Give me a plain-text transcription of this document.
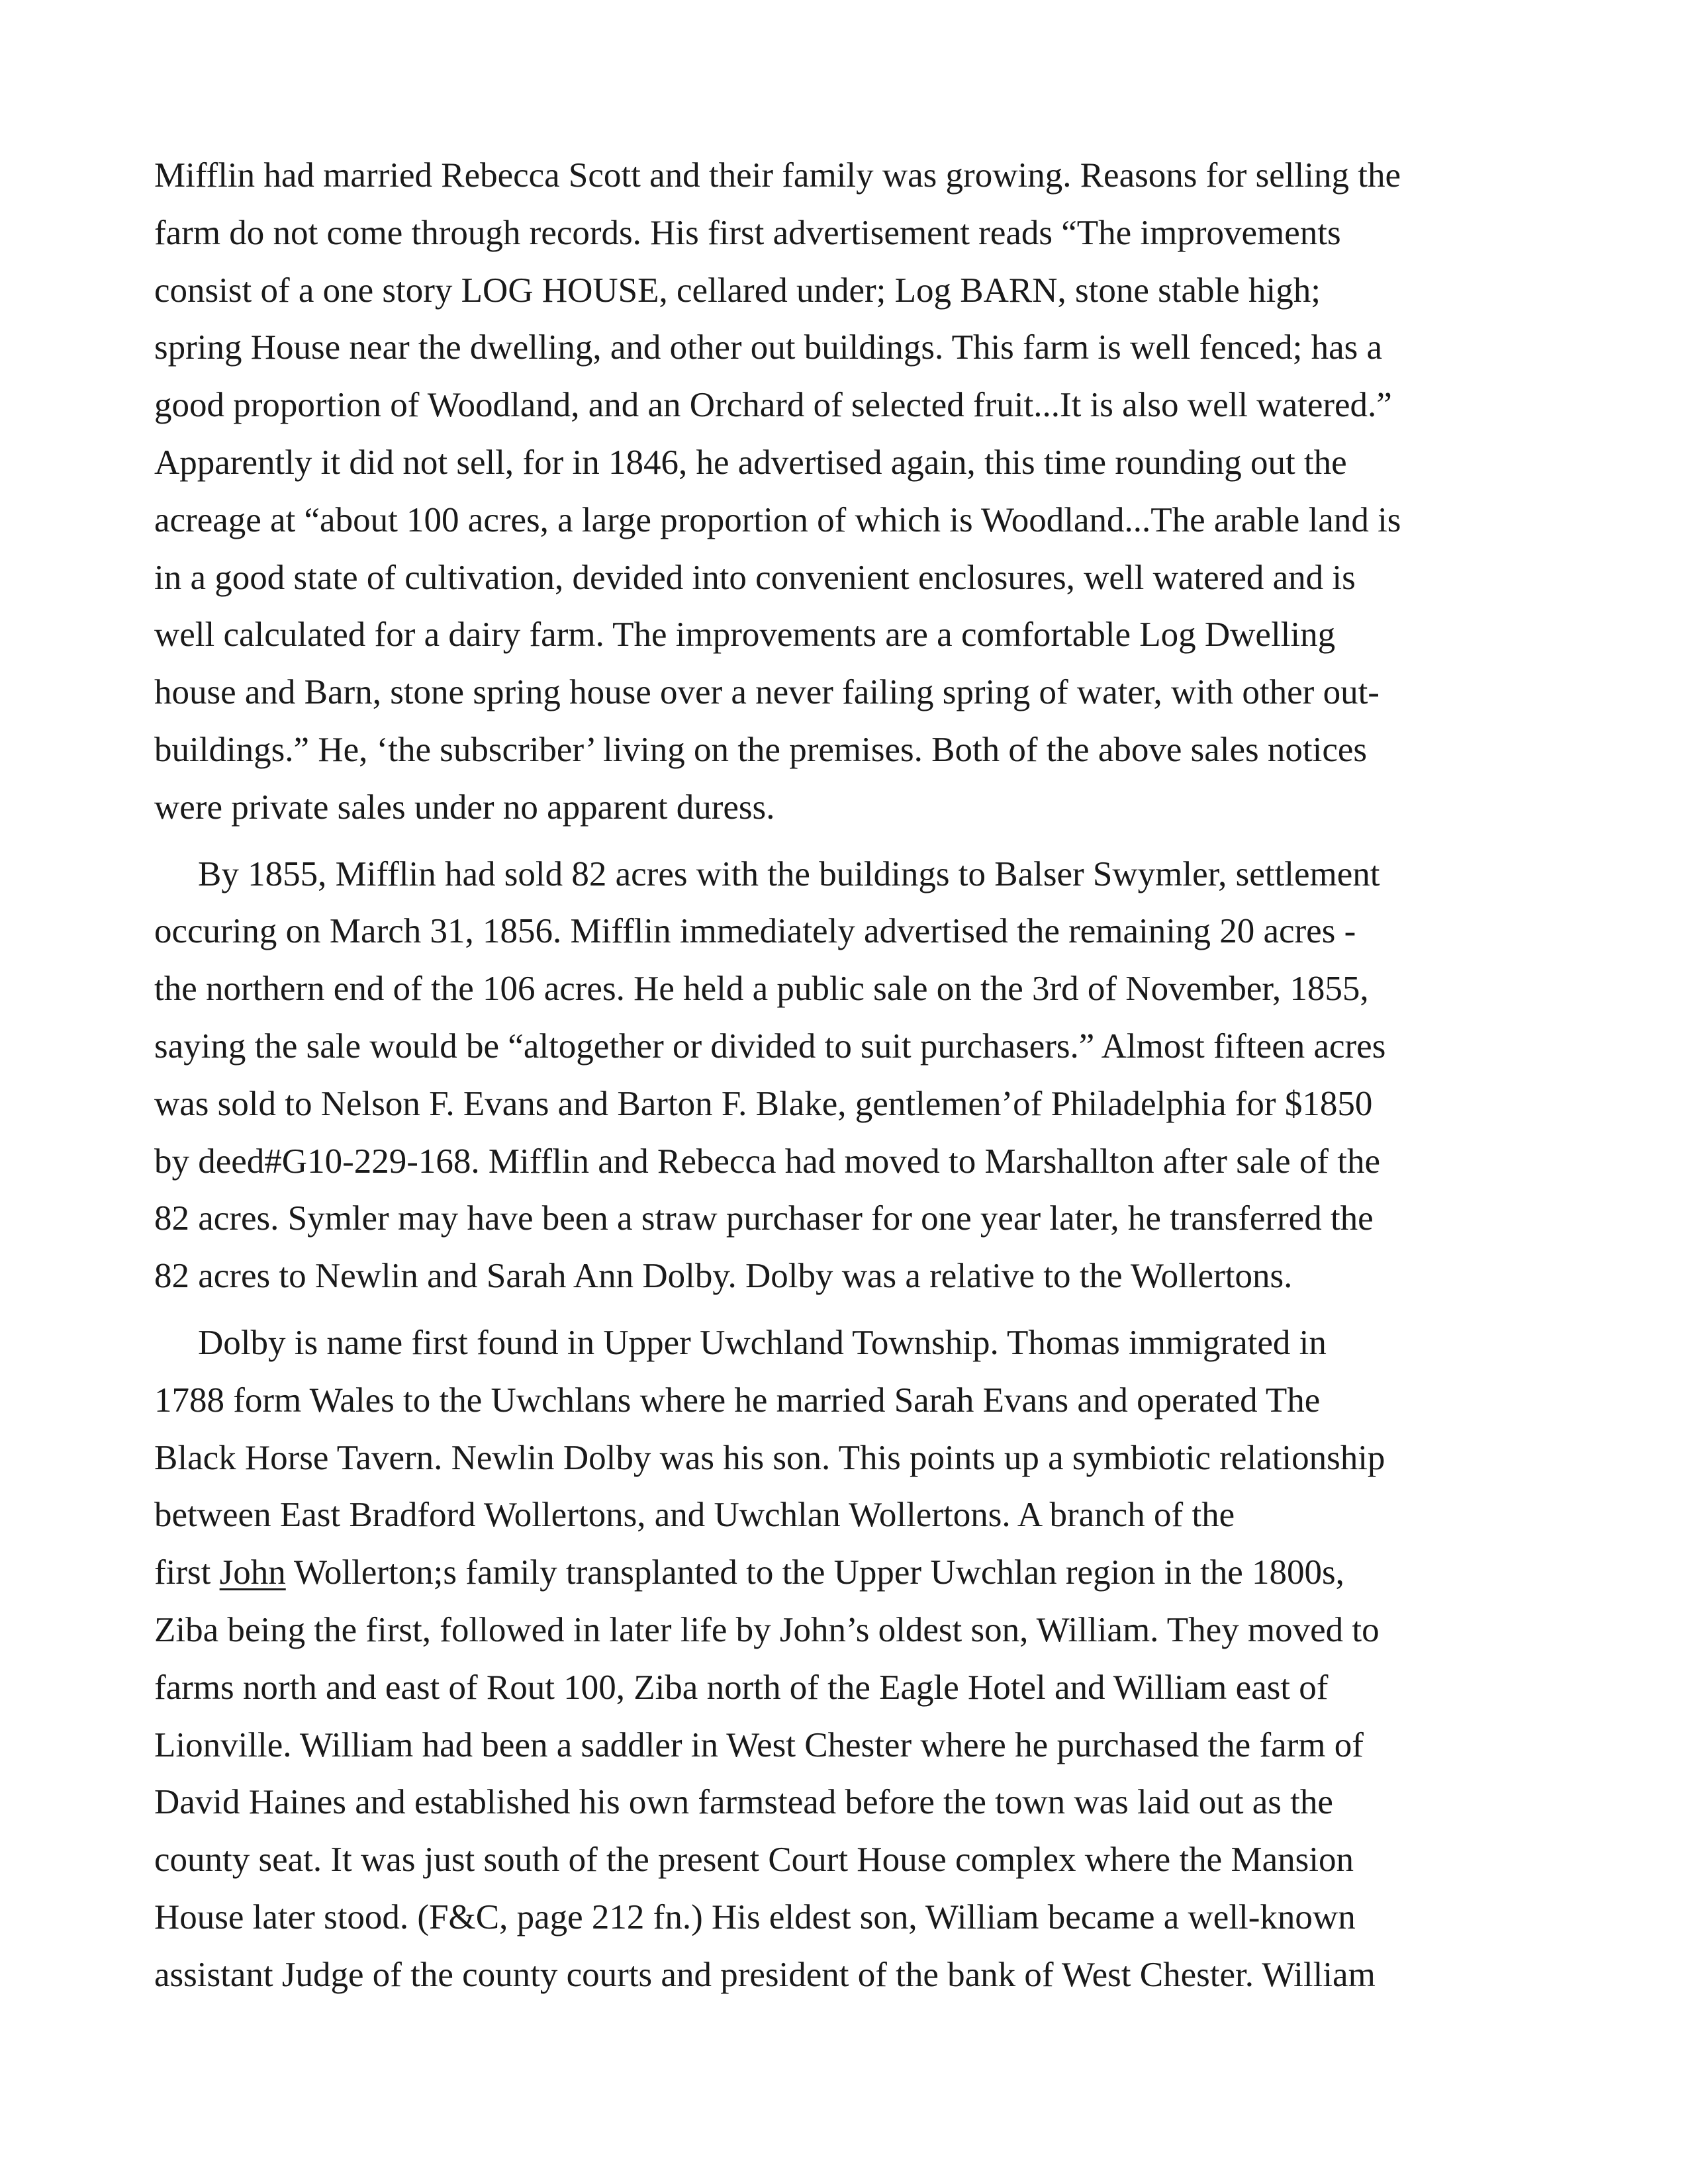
Mifflin had married Rebecca Scott and their family was growing. Reasons for selling the
farm do not come through records. His first advertisement reads “The improvements
consist of a one story LOG HOUSE, cellared under; Log BARN, stone stable high;
spring House near the dwelling, and other out buildings. This farm is well fenced; has a
good proportion of Woodland, and an Orchard of selected fruit...It is also well watered.”
Apparently it did not sell, for in 1846, he advertised again, this time rounding out the
acreage at “about 100 acres, a large proportion of which is Woodland...The arable land is
in a good state of cultivation, devided into convenient enclosures, well watered and is
well calculated for a dairy farm. The improvements are a comfortable Log Dwelling
house and Barn, stone spring house over a never failing spring of water, with other out-
buildings.” He, ‘the subscriber’ living on the premises. Both of the above sales notices
were private sales under no apparent duress.
By 1855, Mifflin had sold 82 acres with the buildings to Balser Swymler, settlement
occuring on March 31, 1856. Mifflin immediately advertised the remaining 20 acres -
the northern end of the 106 acres. He held a public sale on the 3rd of November, 1855,
saying the sale would be “altogether or divided to suit purchasers.” Almost fifteen acres
was sold to Nelson F. Evans and Barton F. Blake, gentlemen’of Philadelphia for $1850
by deed#G10-229-168. Mifflin and Rebecca had moved to Marshallton after sale of the
82 acres. Symler may have been a straw purchaser for one year later, he transferred the
82 acres to Newlin and Sarah Ann Dolby. Dolby was a relative to the Wollertons.
Dolby is name first found in Upper Uwchland Township. Thomas immigrated in
1788 form Wales to the Uwchlans where he married Sarah Evans and operated The
Black Horse Tavern. Newlin Dolby was his son. This points up a symbiotic relationship
between East Bradford Wollertons, and Uwchlan Wollertons. A branch of the
first John Wollerton;s family transplanted to the Upper Uwchlan region in the 1800s,
Ziba being the first, followed in later life by John’s oldest son, William. They moved to
farms north and east of Rout 100, Ziba north of the Eagle Hotel and William east of
Lionville. William had been a saddler in West Chester where he purchased the farm of
David Haines and established his own farmstead before the town was laid out as the
county seat. It was just south of the present Court House complex where the Mansion
House later stood. (F&C, page 212 fn.) His eldest son, William became a well-known
assistant Judge of the county courts and president of the bank of West Chester. William
